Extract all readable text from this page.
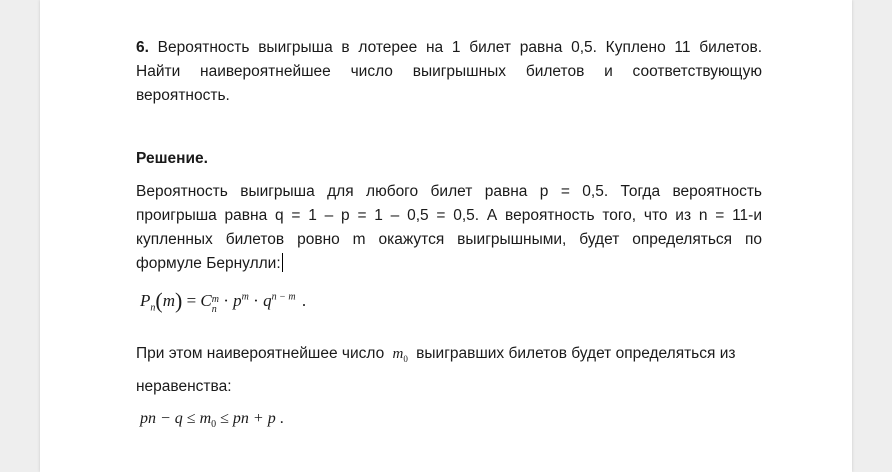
6. Вероятность выигрыша в лотерее на 1 билет равна 0,5. Куплено 11 билетов.
Найти наивероятнейшее число выигрышных билетов и соответствующую
вероятность.

Решение.

Вероятность выигрыша для любого билет равна p = 0,5. Тогда вероятность
проигрыша равна q = 1 – p = 1 – 0,5 = 0,5. А вероятность того, что из n = 11-и
купленных билетов ровно m окажутся выигрышными, будет определяться по
формуле Бернулли:

$P_n(m) = C$ m
$n \cdot p^m \cdot q^{n - m}$ .

При этом наивероятнейшее число $m_0$ выигравших билетов будет определяться из
неравенства:

pn − $q \le m_0$ ≤ pn + p .
